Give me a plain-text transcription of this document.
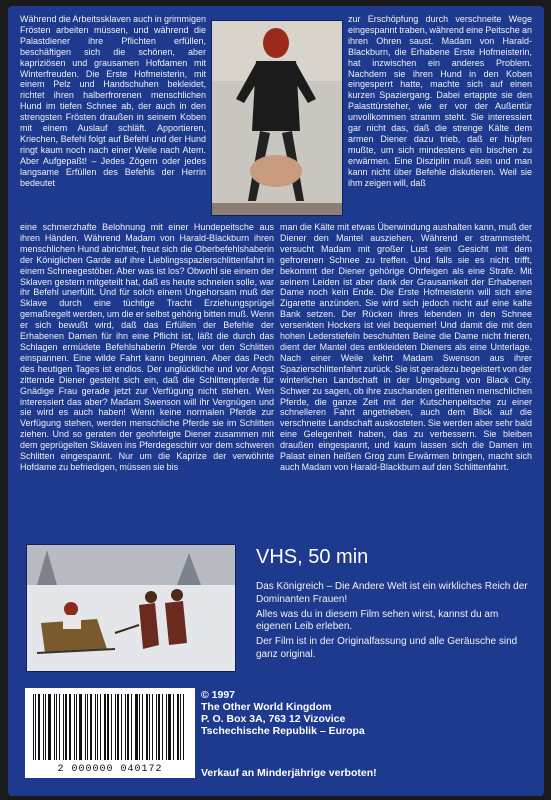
Während die Arbeitssklaven auch in grimmigen Frösten arbeiten müssen, und während die Palastdiener ihre Pflichten erfüllen, beschäftigen sich die schönen, aber kapriziösen und grausamen Hofdamen mit Winterfreuden. Die Erste Hofmeisterin, mit einem Pelz und Handschuhen bekleidet, richtet ihren halberfrorenen menschlichen Hund im tiefen Schnee ab, der auch in den strengsten Frösten draußen in seinem Koben mit einem Auslauf schläft. Apportieren, Kriechen, Befehl folgt auf Befehl und der Hund ringt kaum noch nach einer Weile nach Atem. Aber Aufgepaßt! – Jedes Zögern oder jedes langsame Erfüllen des Befehls der Herrin bedeutet
zur Erschöpfung durch verschneite Wege eingespannt traben, während eine Peitsche an ihren Ohren saust. Madam von Harald-Blackburn, die Erhabene Erste Hofmeisterin, hat inzwischen ein anderes Problem. Nachdem sie ihren Hund in den Koben eingesperrt hatte, machte sich auf einen kurzen Spaziergang. Dabei ertappte sie den Palasttürsteher, wie er vor der Außentür unvollkommen stramm steht. Sie interessiert gar nicht das, daß die strenge Kälte dem armen Diener dazu trieb, daß er hüpfen mußte, um sich mindestens ein bischen zu erwärmen. Eine Disziplin muß sein und man kann nicht über Befehle diskutieren. Weil sie ihm zeigen will, daß
eine schmerzhafte Belohnung mit einer Hundepeitsche aus ihren Händen. Während Madam von Harald-Blackburn ihren menschlichen Hund abrichtet, freut sich die Oberbefehlshaberin der Königlichen Garde auf ihre Lieblingsspazierschlittenfahrt in einem Schneegestöber. Aber was ist los? Obwohl sie einem der Sklaven gestern mitgeteilt hat, daß es heute schneien solle, war ihr Befehl unerfüllt. Und für solch einem Ungehorsam muß der Sklave durch eine tüchtige Tracht Erziehungsprügel gemaßregelt werden, um die er selbst gehörig bitten muß. Wenn er sich bewußt wird, daß das Erfüllen der Befehle der Erhabenen Damen für ihn eine Pflicht ist, läßt die durch das Schlagen ermüdete Befehlshaberin Pferde vor den Schlitten einspannen. Eine wilde Fahrt kann beginnen. Aber das Pech des heutigen Tages ist endlos. Der unglückliche und vor Angst zitternde Diener gesteht sich ein, daß die Schlittenpferde für Gnädige Frau gerade jetzt zur Verfügung nicht stehen. Wen interessiert das aber? Madam Swenson will ihr Vergnügen und sie wird es auch haben! Wenn keine normalen Pferde zur Verfügung stehen, werden menschliche Pferde sie im Schlitten ziehen. Und so geraten der geohrfeigte Diener zusammen mit dem geprügelten Sklaven ins Pferdegeschirr vor dem schweren Schlitten eingespannt. Nur um die Kaprize der verwöhnte Hofdame zu befriedigen, müssen sie bis
man die Kälte mit etwas Überwindung aushalten kann, muß der Diener den Mantel ausziehen, Während er strammsteht, versucht Madam mit großer Lust sein Gesicht mit dem gefrorenen Schnee zu treffen. Und falls sie es nicht trifft, bekommt der Diener gehörige Ohrfeigen als eine Strafe. Mit seinem Leiden ist aber dank der Grausamkeit der Erhabenen Dame noch kein Ende. Die Erste Hofmeisterin will sich eine Zigarette anzünden. Sie wird sich jedoch nicht auf eine kalte Bank setzen. Der Rücken ihres lebenden in den Schnee versenkten Hockers ist viel bequemer! Und damit die mit den hohen Lederstiefeln beschuhten Beine die Dame nicht frieren, dient der Mantel des entkleideten Dieners als eine Unterlage. Nach einer Weile kehrt Madam Swenson aus ihrer Spazierschlittenfahrt zurück. Sie ist geradezu begeistert von der winterlichen Landschaft in der Umgebung von Black City. Schwer zu sagen, ob ihre zuschanden gerittenen menschlichen Pferde, die ganze Zeit mit der Kutschenpeitsche zu einer schnelleren Fahrt angetrieben, auch dem Blick auf die verschneite Landschaft auskosteten. Sie werden aber sehr bald eine Gelegenheit haben, das zu verbessern. Sie bleiben draußen eingespannt, und kaum lassen sich die Damen im Palast einen heißen Grog zum Erwärmen bringen, macht sich auch Madam von Harald-Blackburn auf den Schlittenfahrt.
VHS, 50 min

Das Königreich – Die Andere Welt ist ein wirkliches Reich der Dominanten Frauen!

Alles was du in diesem Film sehen wirst, kannst du am eigenen Leib erleben.

Der Film ist in der Originalfassung und alle Geräusche sind ganz original.

© 1997
The Other World Kingdom
P. O. Box 3A, 763 12 Vizovice
Tschechische Republik – Europa
2 000000 040172	Verkauf an Minderjährige verboten!
